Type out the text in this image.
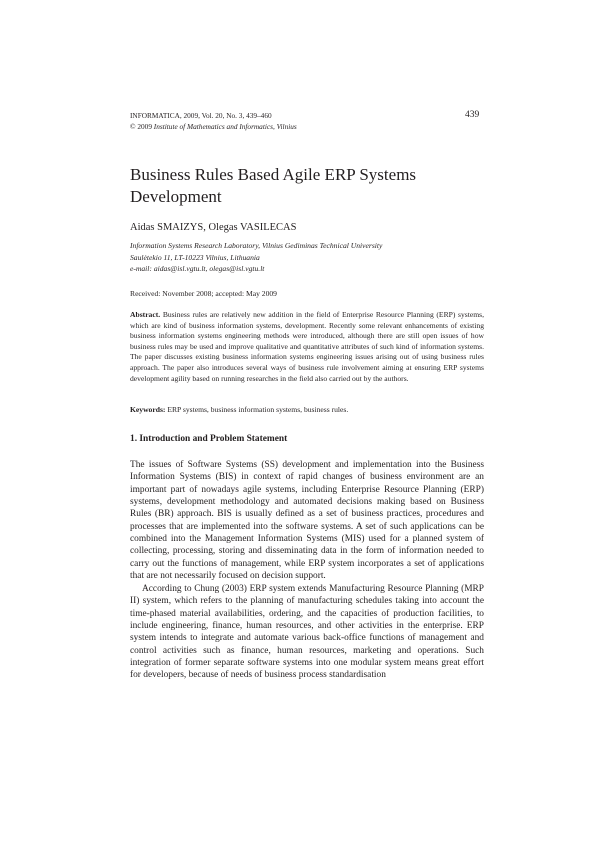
INFORMATICA, 2009, Vol. 20, No. 3, 439–460
© 2009 Institute of Mathematics and Informatics, Vilnius
439
Business Rules Based Agile ERP Systems Development
Aidas SMAIZYS, Olegas VASILECAS
Information Systems Research Laboratory, Vilnius Gediminas Technical University
Saulėtekio 11, LT-10223 Vilnius, Lithuania
e-mail: aidas@isl.vgtu.lt, olegas@isl.vgtu.lt
Received: November 2008; accepted: May 2009

Abstract. Business rules are relatively new addition in the field of Enterprise Resource Planning (ERP) systems, which are kind of business information systems, development. Recently some relevant enhancements of existing business information systems engineering methods were introduced, although there are still open issues of how business rules may be used and improve qualitative and quantitative attributes of such kind of information systems. The paper discusses existing business information systems engineering issues arising out of using business rules approach. The paper also introduces several ways of business rule involvement aiming at ensuring ERP systems development agility based on running researches in the field also carried out by the authors.

Keywords: ERP systems, business information systems, business rules.

1. Introduction and Problem Statement

The issues of Software Systems (SS) development and implementation into the Business Information Systems (BIS) in context of rapid changes of business environment are an important part of nowadays agile systems, including Enterprise Resource Planning (ERP) systems, development methodology and automated decisions making based on Business Rules (BR) approach. BIS is usually defined as a set of business practices, procedures and processes that are implemented into the software systems. A set of such applications can be combined into the Management Information Systems (MIS) used for a planned system of collecting, processing, storing and disseminating data in the form of information needed to carry out the functions of management, while ERP system incorporates a set of applications that are not necessarily focused on decision support.

According to Chung (2003) ERP system extends Manufacturing Resource Planning (MRP II) system, which refers to the planning of manufacturing schedules taking into account the time-phased material availabilities, ordering, and the capacities of production facilities, to include engineering, finance, human resources, and other activities in the enterprise. ERP system intends to integrate and automate various back-office functions of management and control activities such as finance, human resources, marketing and operations. Such integration of former separate software systems into one modular system means great effort for developers, because of needs of business process standardisation
